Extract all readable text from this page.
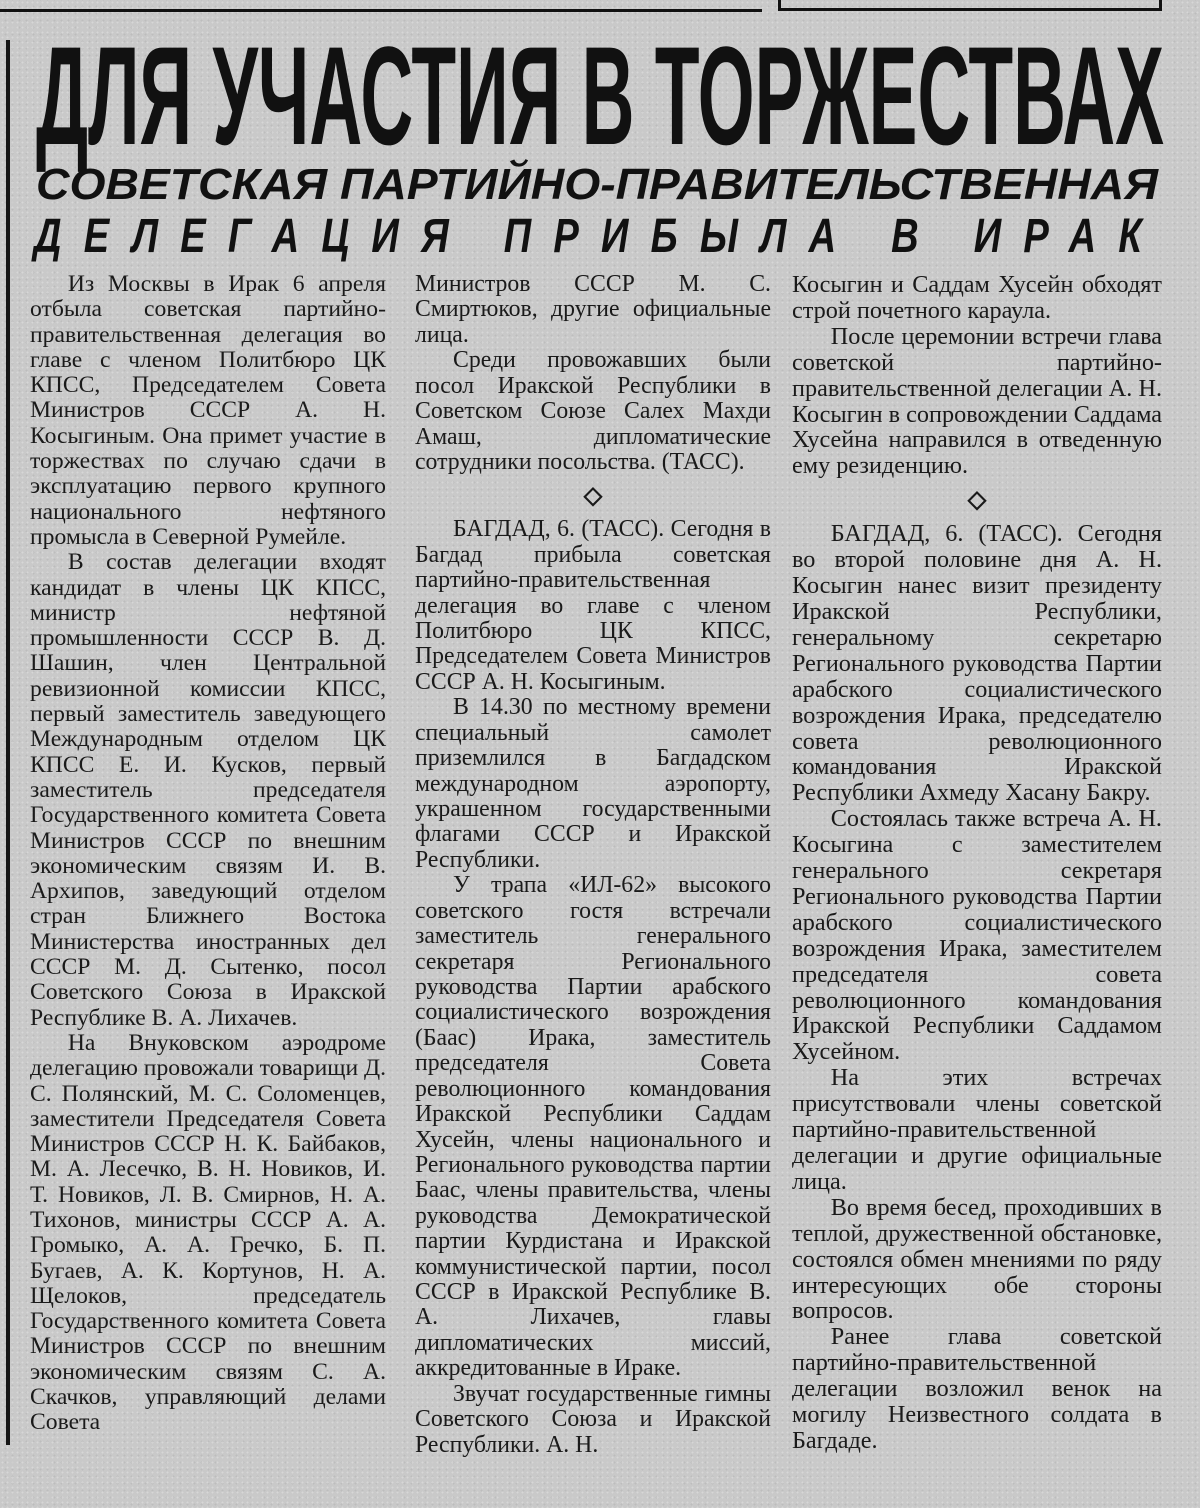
ДЛЯ УЧАСТИЯ В ТОРЖЕСТВАХ
СОВЕТСКАЯ ПАРТИЙНО-ПРАВИТЕЛЬСТВЕННАЯ
ДЕЛЕГАЦИЯ ПРИБЫЛА В ИРАК

Из Москвы в Ирак 6 апреля отбыла советская партийно-правительственная делегация во главе с членом Политбюро ЦК КПСС, Председателем Совета Министров СССР А. Н. Косыгиным. Она примет участие в торжествах по случаю сдачи в эксплуатацию первого крупного национального нефтяного промысла в Северной Румейле.

В состав делегации входят кандидат в члены ЦК КПСС, министр нефтяной промышленности СССР В. Д. Шашин, член Центральной ревизионной комиссии КПСС, первый заместитель заведующего Международным отделом ЦК КПСС Е. И. Кусков, первый заместитель председателя Государственного комитета Совета Министров СССР по внешним экономическим связям И. В. Архипов, заведующий отделом стран Ближнего Востока Министерства иностранных дел СССР М. Д. Сытенко, посол Советского Союза в Иракской Республике В. А. Лихачев.

На Внуковском аэродроме делегацию провожали товарищи Д. С. Полянский, М. С. Соломенцев, заместители Председателя Совета Министров СССР Н. К. Байбаков, М. А. Лесечко, В. Н. Новиков, И. Т. Новиков, Л. В. Смирнов, Н. А. Тихонов, министры СССР А. А. Громыко, А. А. Гречко, Б. П. Бугаев, А. К. Кортунов, Н. А. Щелоков, председатель Государственного комитета Совета Министров СССР по внешним экономическим связям С. А. Скачков, управляющий делами Совета

Министров СССР М. С. Смиртюков, другие официальные лица.

Среди провожавших были посол Иракской Республики в Советском Союзе Салех Махди Амаш, дипломатические сотрудники посольства. (ТАСС).

◇

БАГДАД, 6. (ТАСС). Сегодня в Багдад прибыла советская партийно-правительственная делегация во главе с членом Политбюро ЦК КПСС, Председателем Совета Министров СССР А. Н. Косыгиным.

В 14.30 по местному времени специальный самолет приземлился в Багдадском международном аэропорту, украшенном государственными флагами СССР и Иракской Республики.

У трапа «ИЛ-62» высокого советского гостя встречали заместитель генерального секретаря Регионального руководства Партии арабского социалистического возрождения (Баас) Ирака, заместитель председателя Совета революционного командования Иракской Республики Саддам Хусейн, члены национального и Регионального руководства партии Баас, члены правительства, члены руководства Демократической партии Курдистана и Иракской коммунистической партии, посол СССР в Иракской Республике В. А. Лихачев, главы дипломатических миссий, аккредитованные в Ираке.

Звучат государственные гимны Советского Союза и Иракской Республики. А. Н.

Косыгин и Саддам Хусейн обходят строй почетного караула.

После церемонии встречи глава советской партийно-правительственной делегации А. Н. Косыгин в сопровождении Саддама Хусейна направился в отведенную ему резиденцию.

◇

БАГДАД, 6. (ТАСС). Сегодня во второй половине дня А. Н. Косыгин нанес визит президенту Иракской Республики, генеральному секретарю Регионального руководства Партии арабского социалистического возрождения Ирака, председателю совета революционного командования Иракской Республики Ахмеду Хасану Бакру.

Состоялась также встреча А. Н. Косыгина с заместителем генерального секретаря Регионального руководства Партии арабского социалистического возрождения Ирака, заместителем председателя совета революционного командования Иракской Республики Саддамом Хусейном.

На этих встречах присутствовали члены советской партийно-правительственной делегации и другие официальные лица.

Во время бесед, проходивших в теплой, дружественной обстановке, состоялся обмен мнениями по ряду интересующих обе стороны вопросов.

Ранее глава советской партийно-правительственной делегации возложил венок на могилу Неизвестного солдата в Багдаде.
